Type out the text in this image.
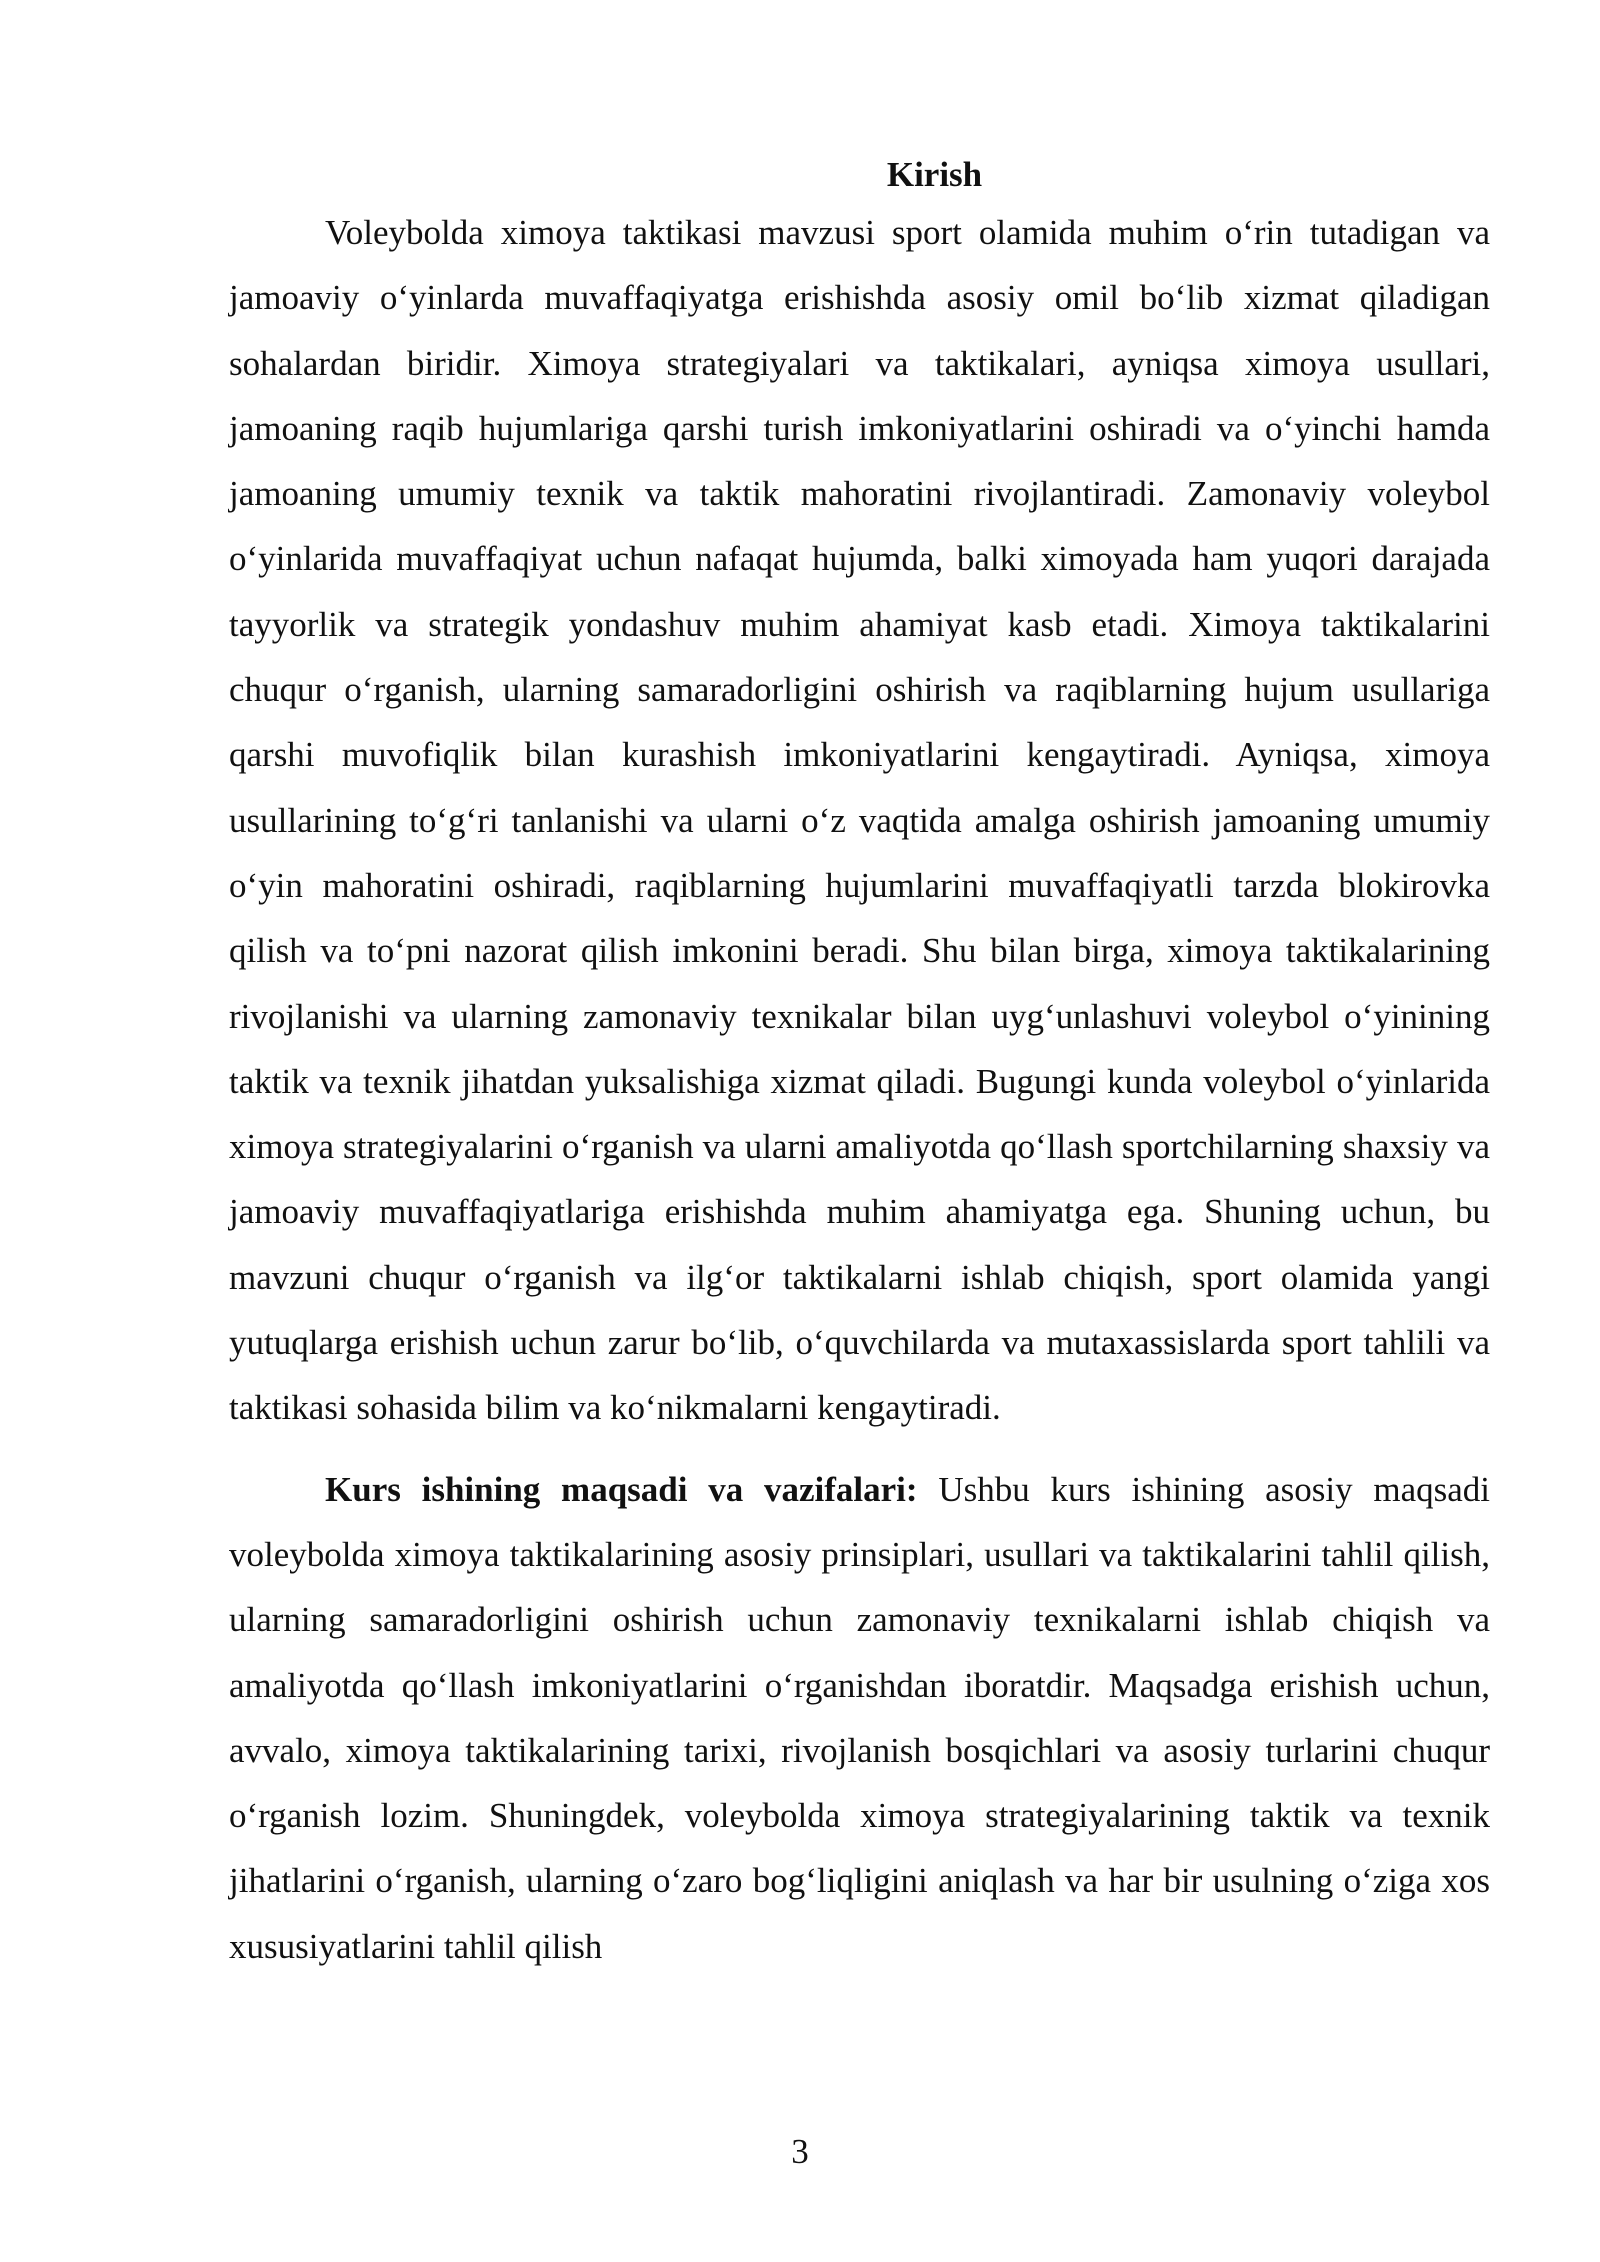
Kirish

Voleybolda ximoya taktikasi mavzusi sport olamida muhim o‘rin tutadigan va jamoaviy o‘yinlarda muvaffaqiyatga erishishda asosiy omil bo‘lib xizmat qiladigan sohalardan biridir. Ximoya strategiyalari va taktikalari, ayniqsa ximoya usullari, jamoaning raqib hujumlariga qarshi turish imkoniyatlarini oshiradi va o‘yinchi hamda jamoaning umumiy texnik va taktik mahoratini rivojlantiradi. Zamonaviy voleybol o‘yinlarida muvaffaqiyat uchun nafaqat hujumda, balki ximoyada ham yuqori darajada tayyorlik va strategik yondashuv muhim ahamiyat kasb etadi. Ximoya taktikalarini chuqur o‘rganish, ularning samaradorligini oshirish va raqiblarning hujum usullariga qarshi muvofiqlik bilan kurashish imkoniyatlarini kengaytiradi. Ayniqsa, ximoya usullarining to‘g‘ri tanlanishi va ularni o‘z vaqtida amalga oshirish jamoaning umumiy o‘yin mahoratini oshiradi, raqiblarning hujumlarini muvaffaqiyatli tarzda blokirovka qilish va to‘pni nazorat qilish imkonini beradi. Shu bilan birga, ximoya taktikalarining rivojlanishi va ularning zamonaviy texnikalar bilan uyg‘unlashuvi voleybol o‘yinining taktik va texnik jihatdan yuksalishiga xizmat qiladi. Bugungi kunda voleybol o‘yinlarida ximoya strategiyalarini o‘rganish va ularni amaliyotda qo‘llash sportchilarning shaxsiy va jamoaviy muvaffaqiyatlariga erishishda muhim ahamiyatga ega. Shuning uchun, bu mavzuni chuqur o‘rganish va ilg‘or taktikalarni ishlab chiqish, sport olamida yangi yutuqlarga erishish uchun zarur bo‘lib, o‘quvchilarda va mutaxassislarda sport tahlili va taktikasi sohasida bilim va ko‘nikmalarni kengaytiradi.

Kurs ishining maqsadi va vazifalari: Ushbu kurs ishining asosiy maqsadi voleybolda ximoya taktikalarining asosiy prinsiplari, usullari va taktikalarini tahlil qilish, ularning samaradorligini oshirish uchun zamonaviy texnikalarni ishlab chiqish va amaliyotda qo‘llash imkoniyatlarini o‘rganishdan iboratdir. Maqsadga erishish uchun, avvalo, ximoya taktikalarining tarixi, rivojlanish bosqichlari va asosiy turlarini chuqur o‘rganish lozim. Shuningdek, voleybolda ximoya strategiyalarining taktik va texnik jihatlarini o‘rganish, ularning o‘zaro bog‘liqligini aniqlash va har bir usulning o‘ziga xos xususiyatlarini tahlil qilish

3
